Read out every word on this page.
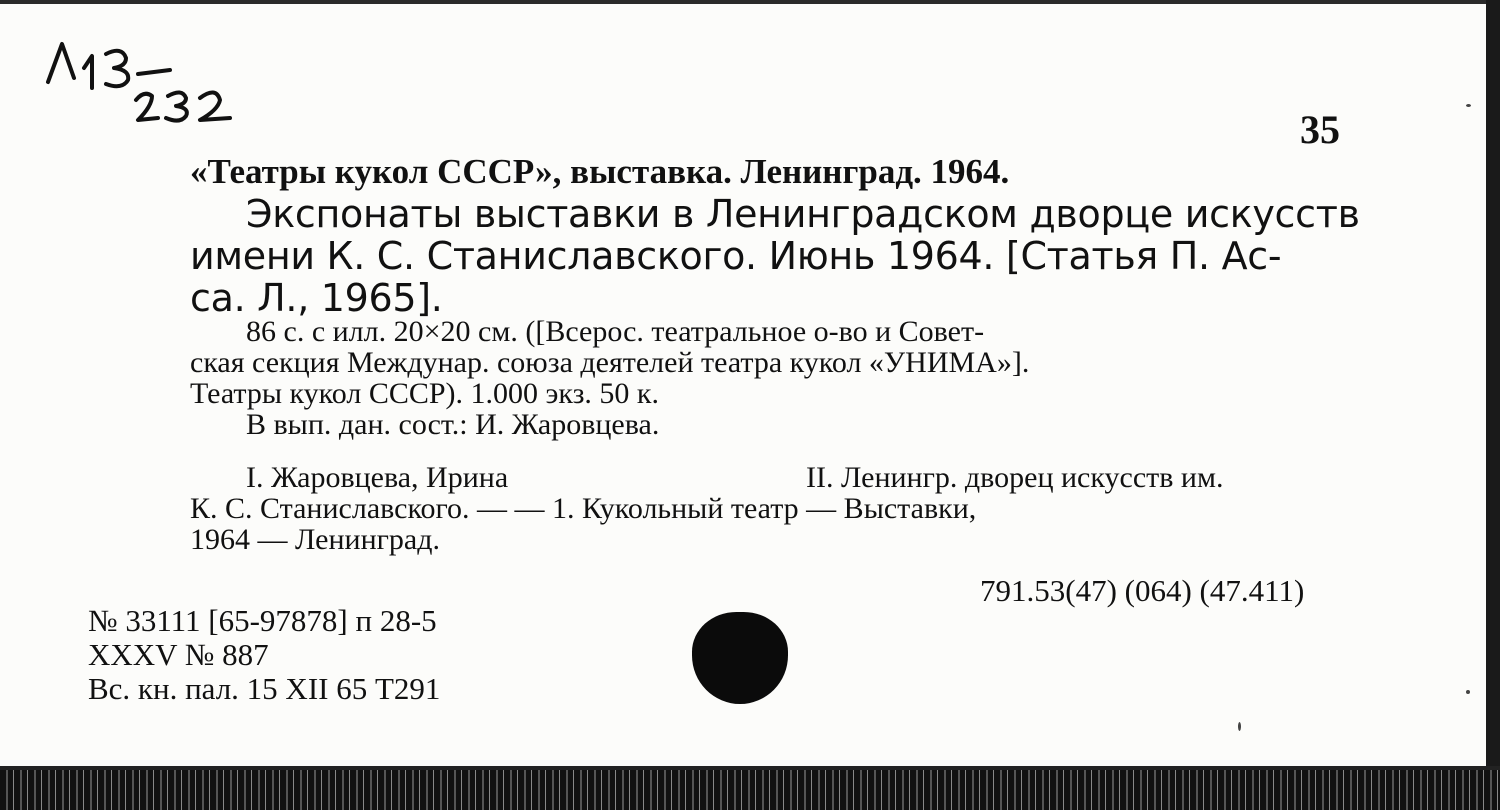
35
«Театры кукол СССР», выставка. Ленинград. 1964.
Экспонаты выставки в Ленинградском дворце искусств
имени К. С. Станиславского. Июнь 1964. [Статья П. Ас-
са. Л., 1965].
86 с. с илл. 20×20 см. ([Всерос. театральное о-во и Совет-
ская секция Междунар. союза деятелей театра кукол «УНИМА»].
Театры кукол СССР). 1.000 экз. 50 к.
В вып. дан. сост.: И. Жаровцева.
I. Жаровцева, Ирина	II. Ленингр. дворец искусств им.
К. С. Станиславского. — — 1. Кукольный театр — Выставки,
1964 — Ленинград.
791.53(47) (064) (47.411)
№ 33111 [65-97878] п 28-5
XXXV № 887
Вс. кн. пал. 15 XII 65 Т291
